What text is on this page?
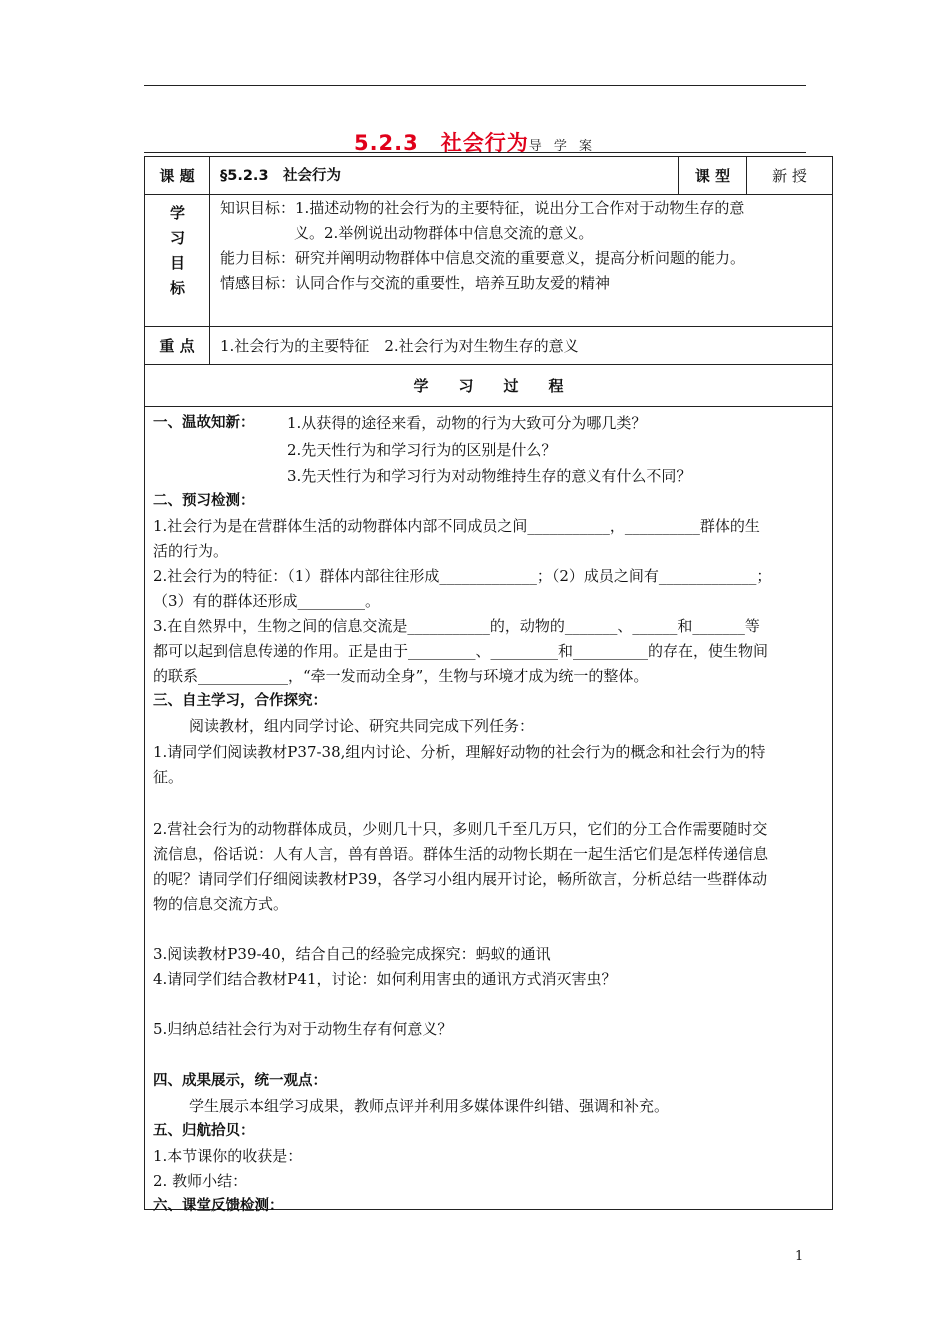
5.2.3　社会行为导 学 案
课 题	§5.2.3　社会行为	课 型	新 授
学
习
目
标
知识目标：1.描述动物的社会行为的主要特征，说出分工合作对于动物生存的意
义。2.举例说出动物群体中信息交流的意义。
能力目标：研究并阐明动物群体中信息交流的重要意义，提高分析问题的能力。
情感目标：认同合作与交流的重要性，培养互助友爱的精神
重 点	1.社会行为的主要特征　2.社会行为对生物生存的意义
学　　习　　过　　程
一、温故知新： 1.从获得的途径来看，动物的行为大致可分为哪几类？
2.先天性行为和学习行为的区别是什么？
3.先天性行为和学习行为对动物维持生存的意义有什么不同？
二、预习检测：
1.社会行为是在营群体生活的动物群体内部不同成员之间___________，__________群体的生
活的行为。
2.社会行为的特征：（1）群体内部往往形成_____________；（2）成员之间有_____________；
（3）有的群体还形成_________。
3.在自然界中，生物之间的信息交流是___________的，动物的_______、______和_______等
都可以起到信息传递的作用。正是由于_________、_________和__________的存在，使生物间
的联系____________，“牵一发而动全身”，生物与环境才成为统一的整体。
三、自主学习，合作探究：
阅读教材，组内同学讨论、研究共同完成下列任务：
1.请同学们阅读教材P37-38,组内讨论、分析，理解好动物的社会行为的概念和社会行为的特
征。
2.营社会行为的动物群体成员，少则几十只，多则几千至几万只，它们的分工合作需要随时交
流信息，俗话说：人有人言，兽有兽语。群体生活的动物长期在一起生活它们是怎样传递信息
的呢？请同学们仔细阅读教材P39，各学习小组内展开讨论，畅所欲言，分析总结一些群体动
物的信息交流方式。
3.阅读教材P39-40，结合自己的经验完成探究：蚂蚁的通讯
4.请同学们结合教材P41，讨论：如何利用害虫的通讯方式消灭害虫？
5.归纳总结社会行为对于动物生存有何意义？
四、成果展示，统一观点：
学生展示本组学习成果，教师点评并利用多媒体课件纠错、强调和补充。
五、归航拾贝：
1.本节课你的收获是：
2. 教师小结：
六、课堂反馈检测：
1
